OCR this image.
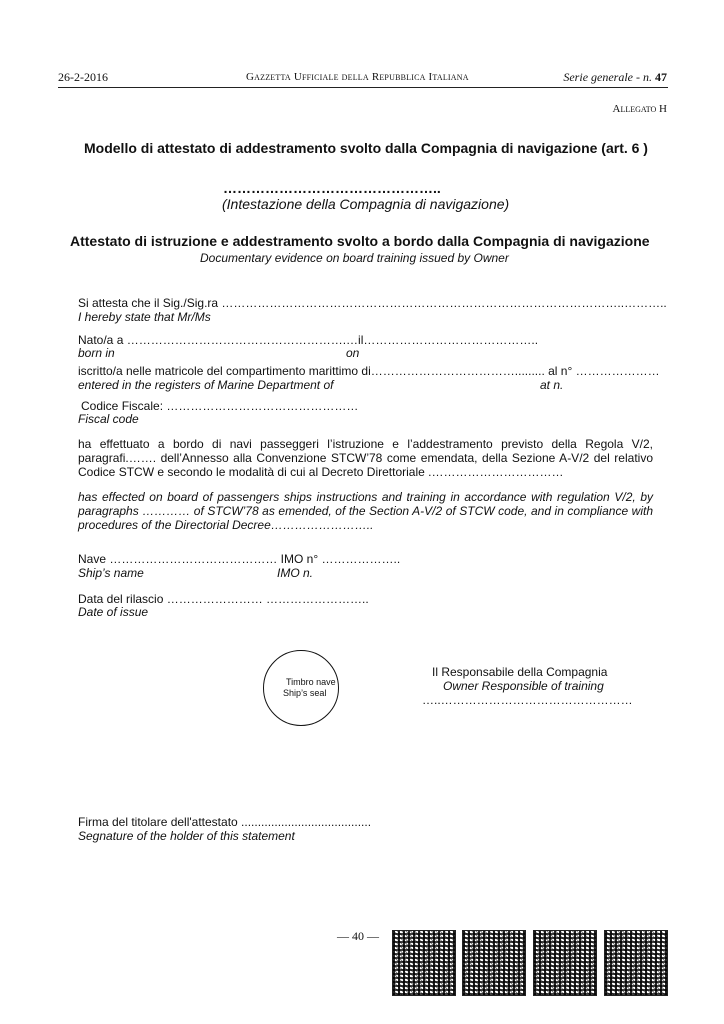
26-2-2016	Gazzetta Ufficiale della Repubblica Italiana	Serie generale - n. 47
Allegato H
Modello di attestato di addestramento svolto dalla Compagnia di navigazione (art. 6 )
………………………………………..
(Intestazione della Compagnia di navigazione)
Attestato di istruzione e addestramento svolto a bordo dalla Compagnia di navigazione
Documentary evidence on board training issued by Owner
Si attesta che il Sig./Sig.ra ………………………………………………………………………………………..………..
I hereby state that Mr/Ms
Nato/a a ……………………………………………….…il……………………………………..
born in	on
iscritto/a nelle matricole del compartimento marittimo di………………………………......... al n° …………………
entered in the registers of Marine Department of	at n.
Codice Fiscale: …………………………………………
Fiscal code
ha effettuato a bordo di navi passeggeri l’istruzione e l’addestramento previsto della Regola V/2, paragrafi.……. dell’Annesso alla Convenzione STCW’78 come emendata, della Sezione A-V/2 del relativo Codice STCW e secondo le modalità di cui al Decreto Direttoriale .……………………………
has effected on board of passengers ships instructions and training in accordance with regulation V/2, by paragraphs ………… of STCW’78 as emended, of the Section A-V/2 of STCW code, and in compliance with procedures of the Directorial Decree……………………..
Nave …………………………………… IMO n° ………………..
Ship’s name	IMO n.
Data del rilascio …………………… ……………………..
Date of issue
Timbro nave
Ship’s seal
Il Responsabile della Compagnia
Owner Responsible of training
…..…………………………………………
Firma del titolare dell'attestato .......................................
Segnature of the holder of this statement
— 40 —
